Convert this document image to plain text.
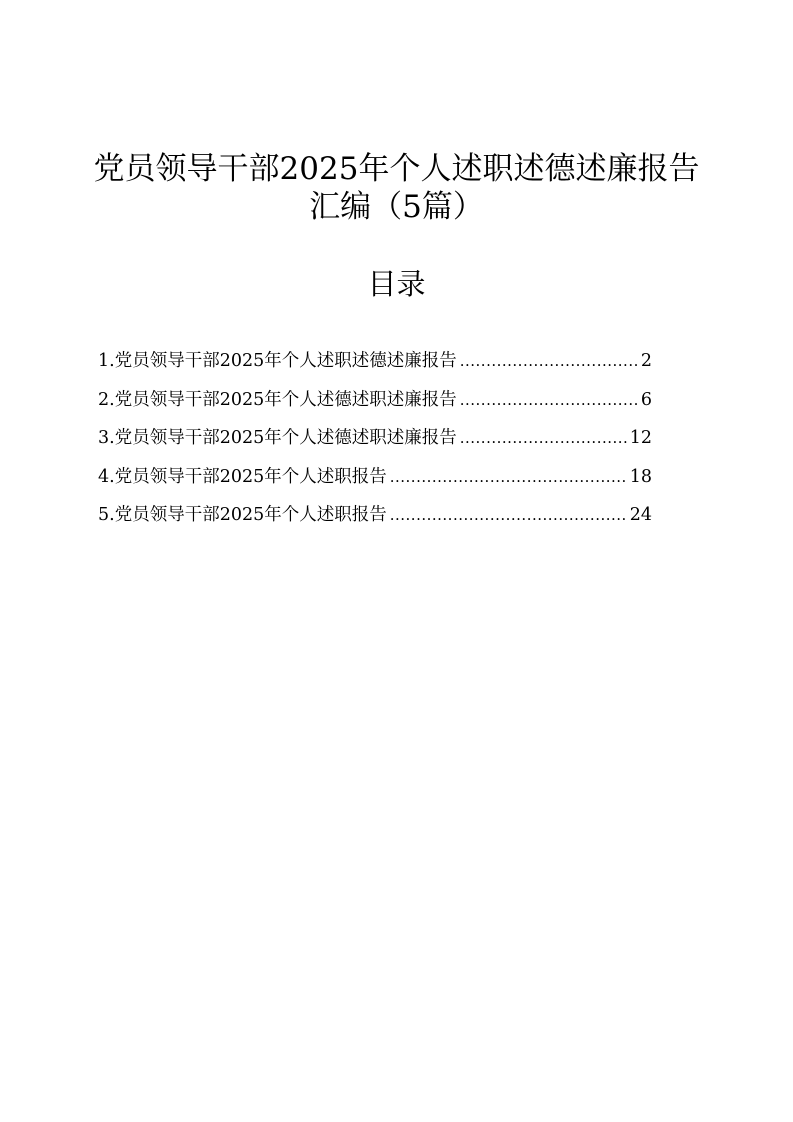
党员领导干部2025年个人述职述德述廉报告
汇编（5篇）
目录
1.党员领导干部2025年个人述职述德述廉报告 .....	2
2.党员领导干部2025年个人述德述职述廉报告 .....	6
3.党员领导干部2025年个人述德述职述廉报告 .....	12
4.党员领导干部2025年个人述职报告 .....	18
5.党员领导干部2025年个人述职报告 .....	24
